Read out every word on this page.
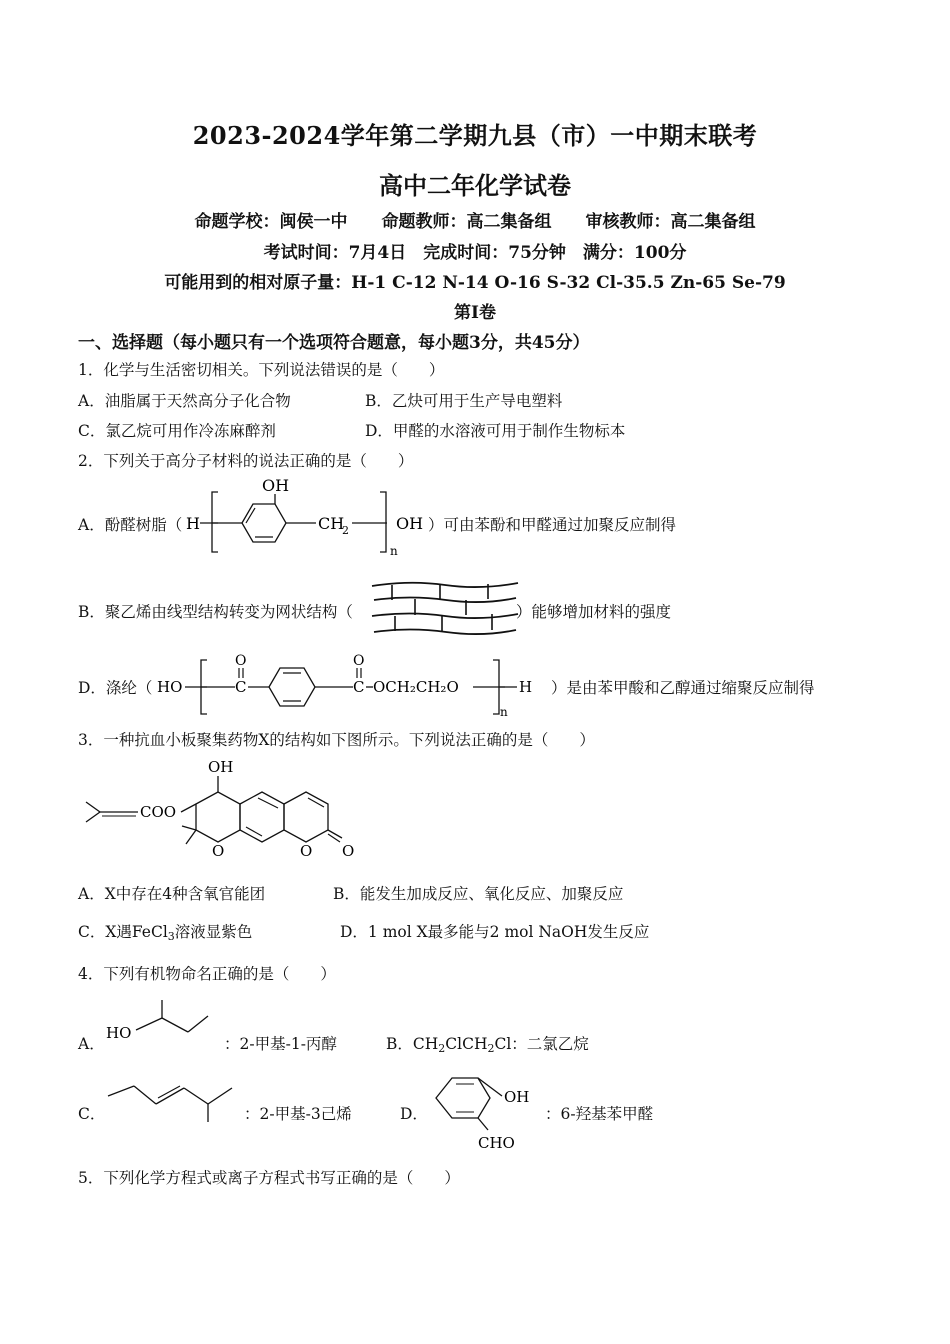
2023-2024学年第二学期九县（市）一中期末联考
高中二年化学试卷
命题学校：闽侯一中　　命题教师：高二集备组　　审核教师：高二集备组
考试时间：7月4日　完成时间：75分钟　满分：100分
可能用到的相对原子量：H-1 C-12 N-14 O-16 S-32 Cl-35.5 Zn-65 Se-79
第I卷
一、选择题（每小题只有一个选项符合题意，每小题3分，共45分）
1．化学与生活密切相关。下列说法错误的是（　　）
A．油脂属于天然高分子化合物	B．乙炔可用于生产导电塑料
C．氯乙烷可用作冷冻麻醉剂	D．甲醛的水溶液可用于制作生物标本
2．下列关于高分子材料的说法正确的是（　　）
A．酚醛树脂（ H
OH
CH
2
n
OH ）可由苯酚和甲醛通过加聚反应制得
B．聚乙烯由线型结构转变为网状结构（	）能够增加材料的强度
D．涤纶（ HO	C
O
C
O
OCH₂CH₂O
n
H ）是由苯甲酸和乙醇通过缩聚反应制得
3．一种抗血小板聚集药物X的结构如下图所示。下列说法正确的是（　　）
COO
OH
O	O O
A．X中存在4种含氧官能团	B．能发生加成反应、氧化反应、加聚反应
C．X遇FeCl$_3$溶液显紫色	D．1 mol X最多能与2 mol NaOH发生反应
4．下列有机物命名正确的是（　　）
A．
HO
：2-甲基-1-丙醇	B．$CH_2ClCH_2Cl$：二氯乙烷
C．	：2-甲基-3己烯	D．
OH
CHO
：6-羟基苯甲醛
5．下列化学方程式或离子方程式书写正确的是（　　）
